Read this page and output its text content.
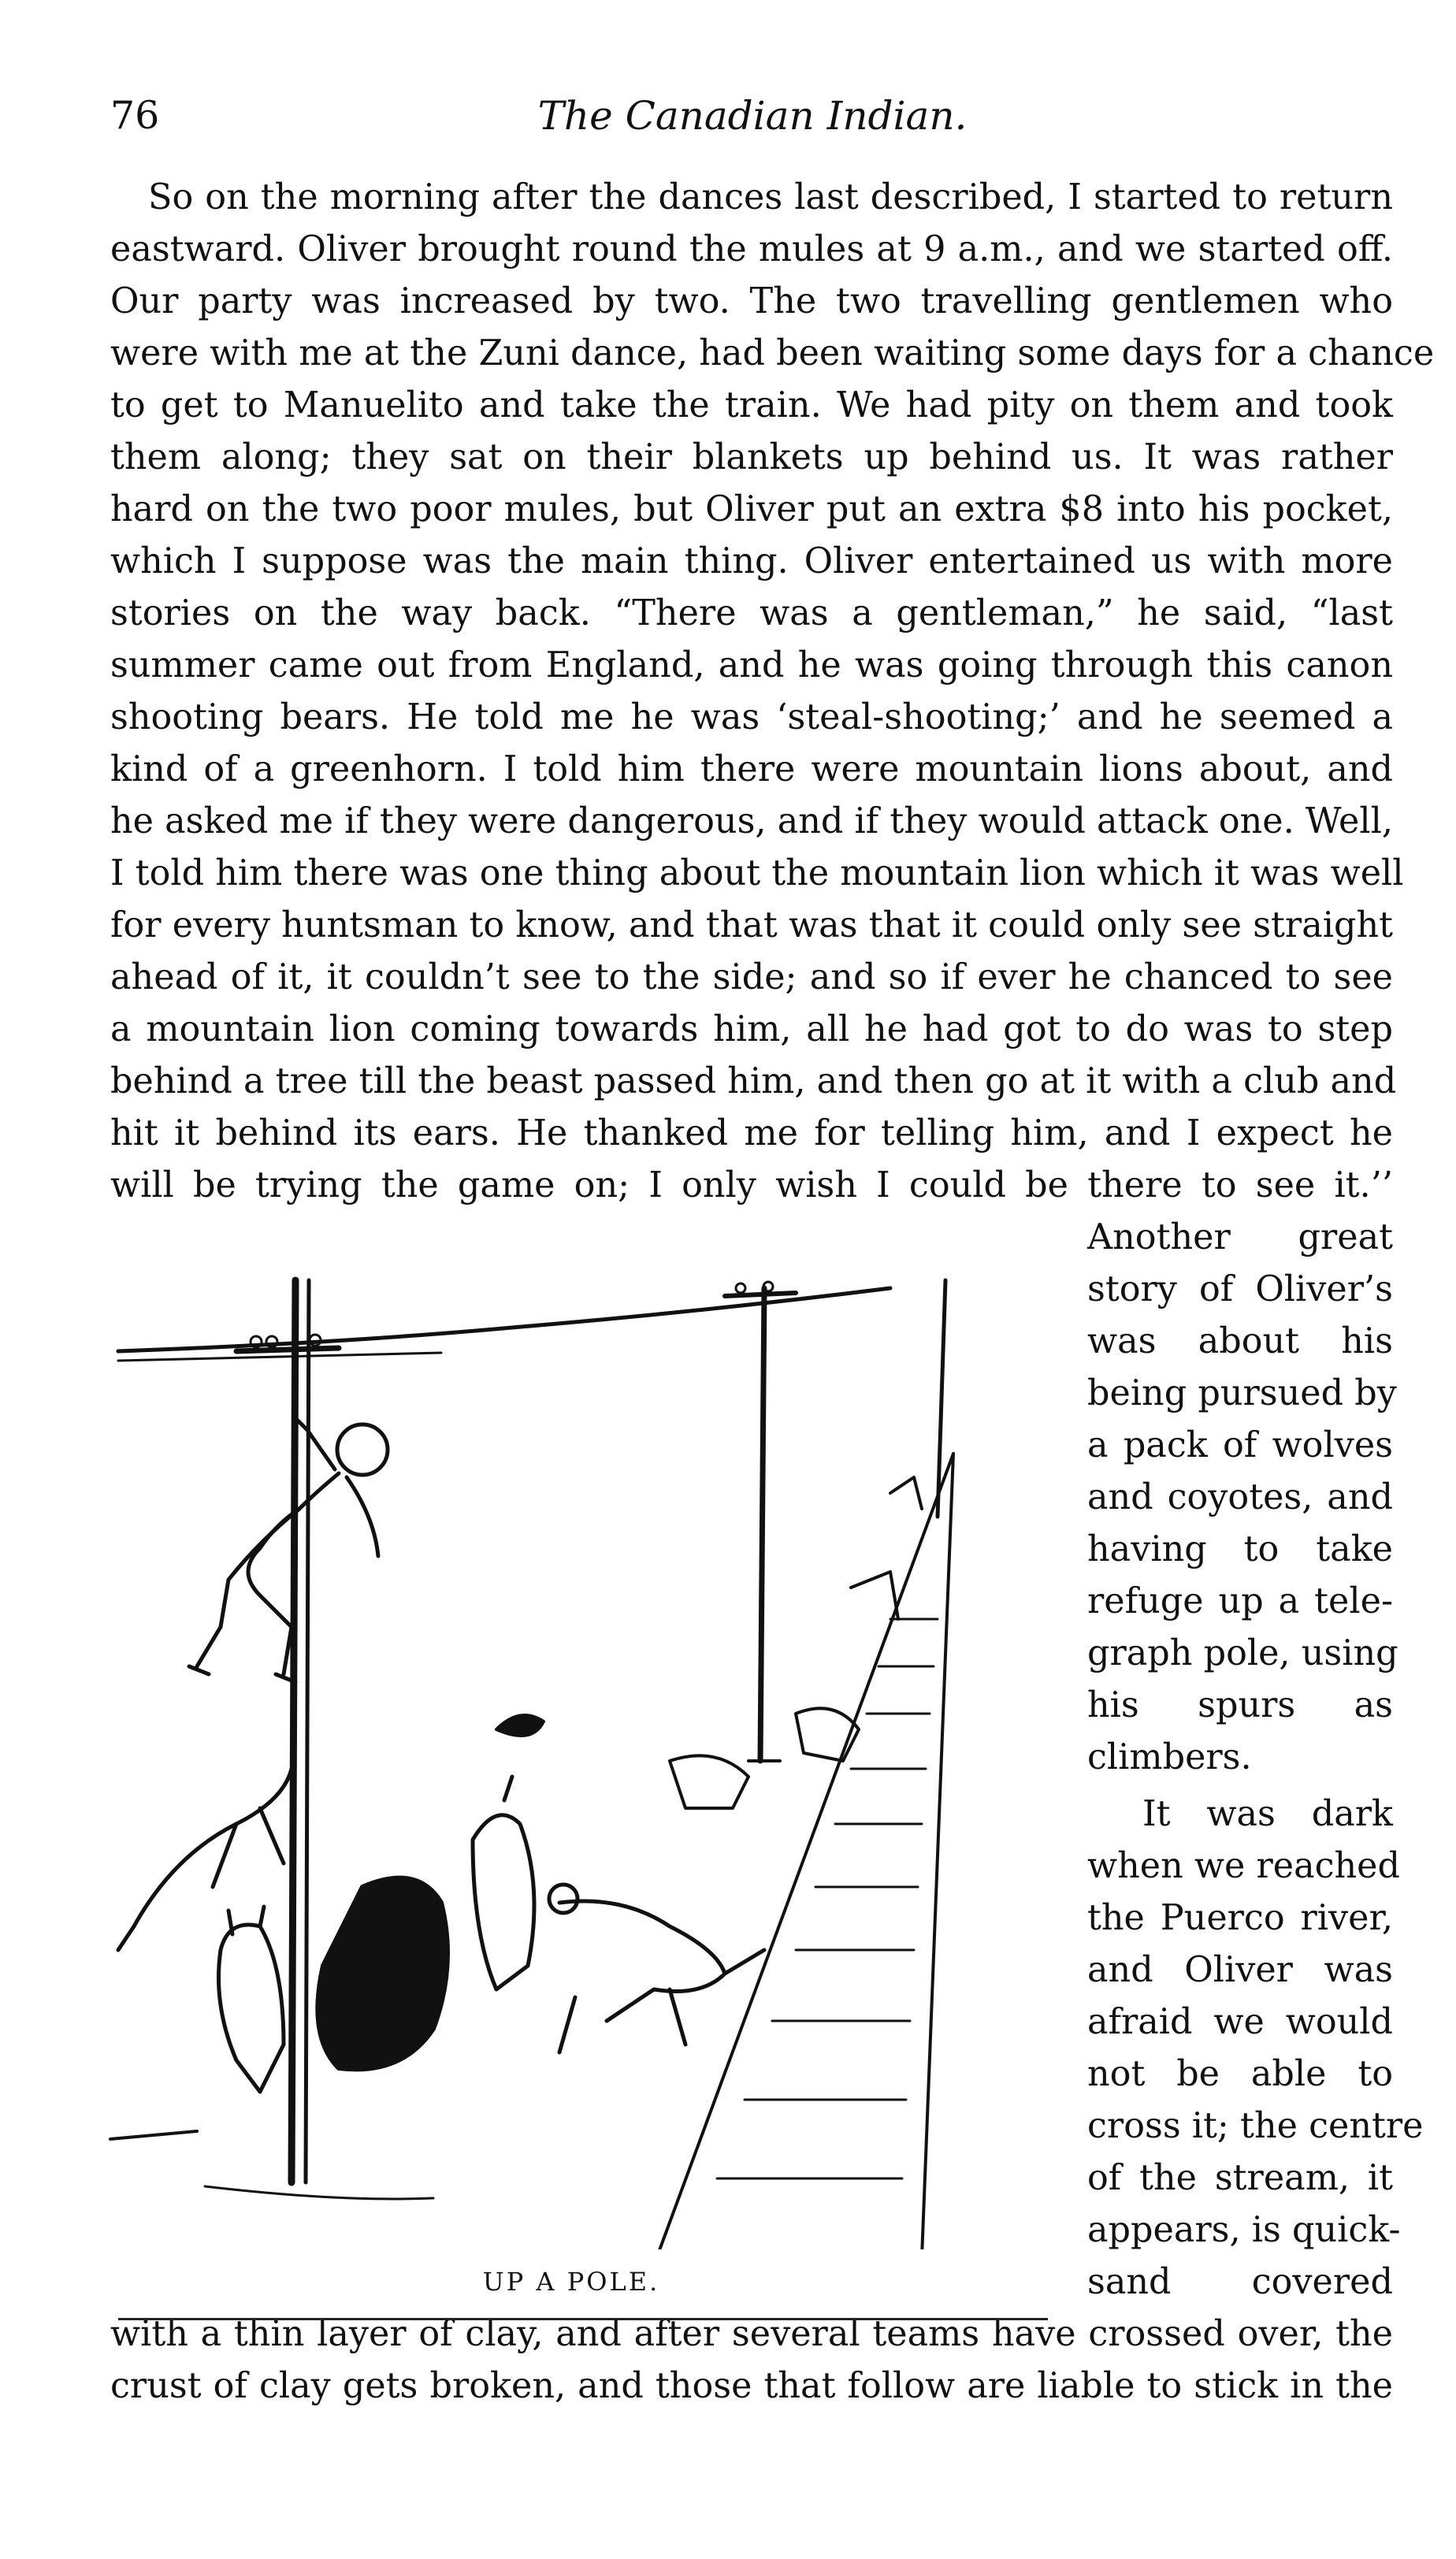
76	The Canadian Indian.
So on the morning after the dances last described, I started to return
eastward. Oliver brought round the mules at 9 a.m., and we started off.
Our party was increased by two. The two travelling gentlemen who
were with me at the Zuni dance, had been waiting some days for a chance
to get to Manuelito and take the train. We had pity on them and took
them along; they sat on their blankets up behind us. It was rather
hard on the two poor mules, but Oliver put an extra $8 into his pocket,
which I suppose was the main thing. Oliver entertained us with more
stories on the way back. “There was a gentleman,” he said, “last
summer came out from England, and he was going through this canon
shooting bears. He told me he was ‘steal-shooting;’ and he seemed a
kind of a greenhorn. I told him there were mountain lions about, and
he asked me if they were dangerous, and if they would attack one. Well,
I told him there was one thing about the mountain lion which it was well
for every huntsman to know, and that was that it could only see straight
ahead of it, it couldn’t see to the side; and so if ever he chanced to see
a mountain lion coming towards him, all he had got to do was to step
behind a tree till the beast passed him, and then go at it with a club and
hit it behind its ears. He thanked me for telling him, and I expect he
will be trying the game on; I only wish I could be there to see it.’’
Another great
story of Oliver’s
was about his
being pursued by
a pack of wolves
and coyotes, and
having to take
refuge up a tele-
graph pole, using
his spurs as
climbers.
It was dark
when we reached
the Puerco river,
and Oliver was
afraid we would
not be able to
cross it; the centre
of the stream, it
appears, is quick-
sand covered
with a thin layer of clay, and after several teams have crossed over, the
crust of clay gets broken, and those that follow are liable to stick in the
UP A POLE.
